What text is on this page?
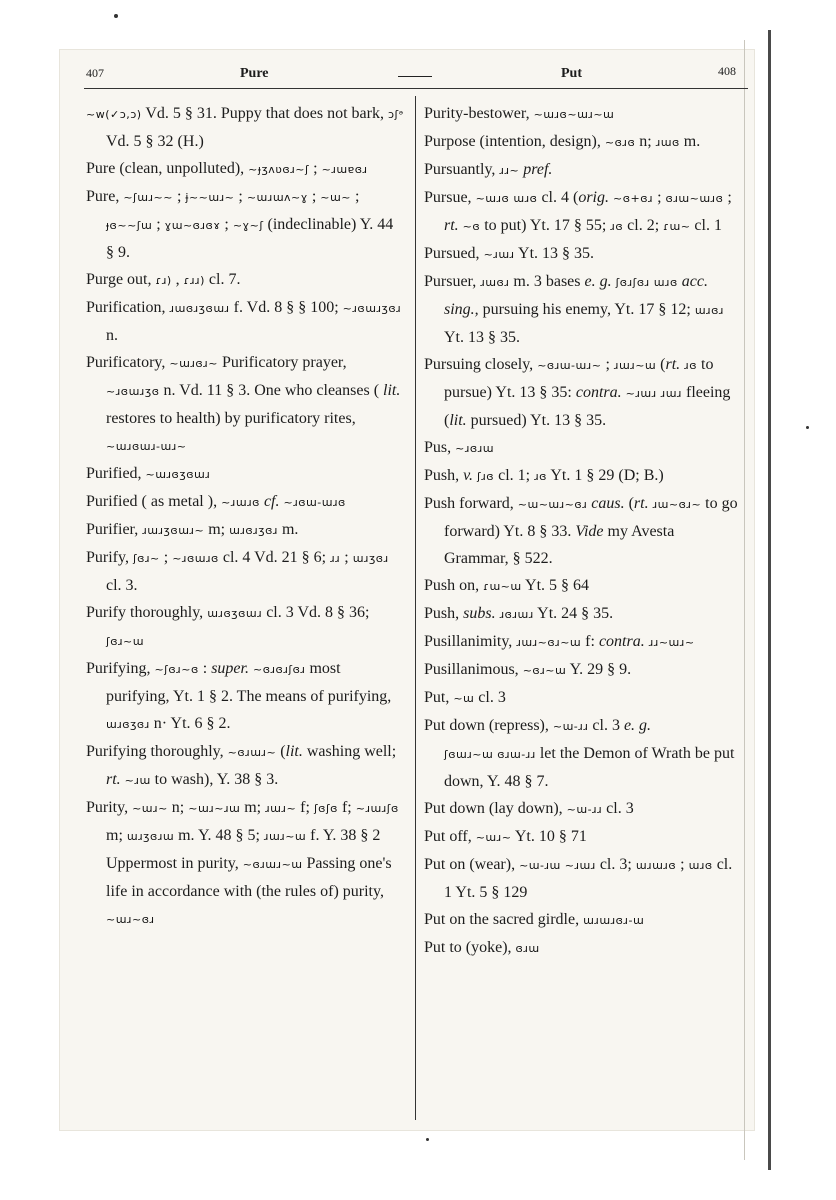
407	Pure	Put	408

~w(✓ɔ,ↄ) Vd. 5 § 31. Puppy that does not bark, ↄʃᵊ Vd. 5 § 32 (H.)

Pure (clean, unpolluted), ~ɟʒʌʋɞɹ~ʃ ; ~ɹɯɐɞɹ

Pure, ~ʃɯɹ~~ ; ɉ~~ɯɹ~ ; ~ɯɹɯʌ~ɣ ; ~ɯ~ ; ɟɞ~~ʃɯ ; ɣɯ~ɞɹɞɤ ; ~ɣ~ʃ (indeclinable) Y. 44 § 9.

Purge out, ɾɹ) , ɾɹɹ) cl. 7.

Purification, ɹɯɞɹʒɞɯɹ f. Vd. 8 § § 100; ~ɹɞɯɹʒɞɹ n.

Purificatory, ~ɯɹɞɹ~ Purificatory prayer, ~ɹɞɯɹʒɞ n. Vd. 11 § 3. One who cleanses ( lit. restores to health) by purificatory rites, ~ɯɹɞɯɹ-ɯɹ~

Purified, ~ɯɹɞʒɞɯɹ

Purified ( as metal ), ~ɹɯɹɞ cf. ~ɹɞɯ-ɯɹɞ

Purifier, ɹɯɹʒɞɯɹ~ m; ɯɹɞɹʒɞɹ m.

Purify, ʃɞɹ~ ; ~ɹɞɯɹɞ cl. 4 Vd. 21 § 6; ɹɹ ; ɯɹʒɞɹ cl. 3.

Purify thoroughly, ɯɹɞʒɞɯɹ cl. 3 Vd. 8 § 36; ʃɞɹ~ɯ

Purifying, ~ʃɞɹ~ɞ : super. ~ɞɹɞɹʃɞɹ most purifying, Yt. 1 § 2. The means of purifying, ɯɹɞʒɞɹ n· Yt. 6 § 2.

Purifying thoroughly, ~ɞɹɯɹ~ (lit. washing well; rt. ~ɹɯ to wash), Y. 38 § 3.

Purity, ~ɯɹ~ n; ~ɯɹ~ɹɯ m; ɹɯɹ~ f; ʃɞʃɞ f; ~ɹɯɹʃɞ m; ɯɹʒɞɹɯ m. Y. 48 § 5; ɹɯɹ~ɯ f. Y. 38 § 2 Uppermost in purity, ~ɞɹɯɹ~ɯ Passing one's life in accordance with (the rules of) purity, ~ɯɹ~ɞɹ

Purity-bestower, ~ɯɹɞ~ɯɹ~ɯ

Purpose (intention, design), ~ɞɹɞ n; ɹɯɞ m.

Pursuantly, ɹɹ~ pref.

Pursue, ~ɯɹɞ ɯɹɞ cl. 4 (orig. ~ɞ+ɞɹ ; ɞɹɯ~ɯɹɞ ; rt. ~ɞ to put) Yt. 17 § 55; ɹɞ cl. 2; ɾɯ~ cl. 1

Pursued, ~ɹɯɹ Yt. 13 § 35.

Pursuer, ɹɯɞɹ m. 3 bases e. g. ʃɞɹʃɞɹ ɯɹɞ acc. sing., pursuing his enemy, Yt. 17 § 12; ɯɹɞɹ Yt. 13 § 35.

Pursuing closely, ~ɞɹɯ-ɯɹ~ ; ɹɯɹ~ɯ (rt. ɹɞ to pursue) Yt. 13 § 35: contra. ~ɹɯɹ ɹɯɹ fleeing (lit. pursued) Yt. 13 § 35.

Pus, ~ɹɞɹɯ

Push, v. ʃɹɞ cl. 1; ɹɞ Yt. 1 § 29 (D; B.)

Push forward, ~ɯ~ɯɹ~ɞɹ caus. (rt. ɹɯ~ɞɹ~ to go forward) Yt. 8 § 33. Vide my Avesta Grammar, § 522.

Push on, ɾɯ~ɯ Yt. 5 § 64

Push, subs. ɹɞɹɯɹ Yt. 24 § 35.

Pusillanimity, ɹɯɹ~ɞɹ~ɯ f: contra. ɹɹ~ɯɹ~

Pusillanimous, ~ɞɹ~ɯ Y. 29 § 9.

Put, ~ɯ cl. 3

Put down (repress), ~ɯ-ɹɹ cl. 3 e. g. ʃɞɯɹ~ɯ ɞɹɯ-ɹɹ let the Demon of Wrath be put down, Y. 48 § 7.

Put down (lay down), ~ɯ-ɹɹ cl. 3

Put off, ~ɯɹ~ Yt. 10 § 71

Put on (wear), ~ɯ-ɹɯ ~ɹɯɹ cl. 3; ɯɹɯɹɞ ; ɯɹɞ cl. 1 Yt. 5 § 129

Put on the sacred girdle, ɯɹɯɹɞɹ-ɯ

Put to (yoke), ɞɹɯ
